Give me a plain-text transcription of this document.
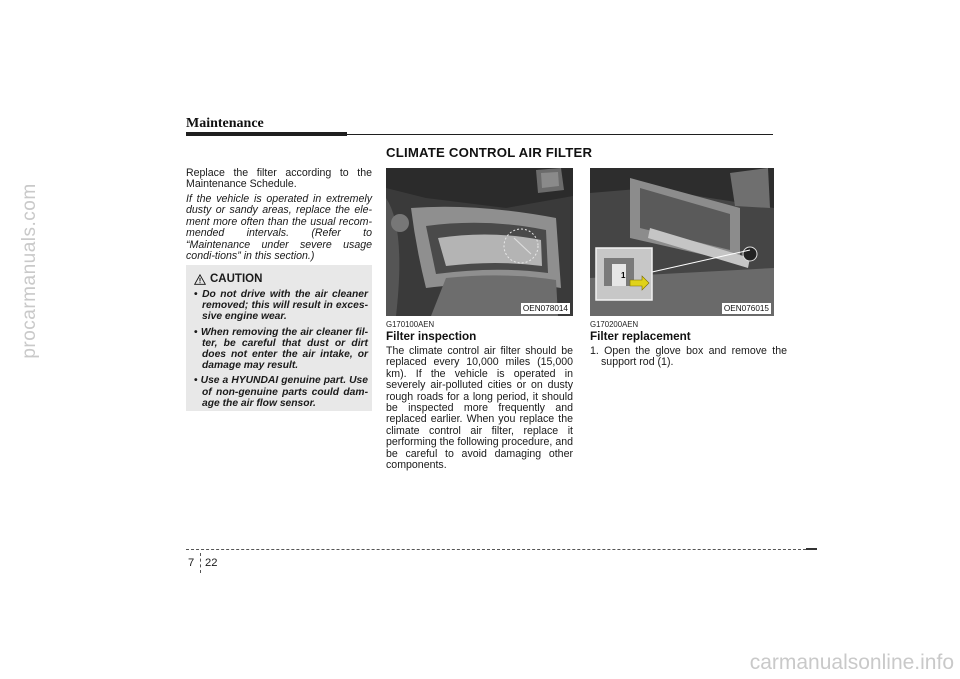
procarmanuals.com
carmanualsonline.info
Maintenance
CLIMATE CONTROL AIR FILTER
Replace the filter according to the Maintenance Schedule.
If the vehicle is operated in extremely dusty or sandy areas, replace the ele-ment more often than the usual recom-mended intervals. (Refer to “Maintenance under severe usage condi-tions” in this section.)
CAUTION
• Do not drive with the air cleaner removed; this will result in exces-sive engine wear.
• When removing the air cleaner fil-ter, be careful that dust or dirt does not enter the air intake, or damage may result.
• Use a HYUNDAI genuine part. Use of non-genuine parts could dam-age the air flow sensor.
OEN078014
1
OEN076015
G170100AEN
Filter inspection
The climate control air filter should be replaced every 10,000 miles (15,000 km). If the vehicle is operated in severely air-polluted cities or on dusty rough roads for a long period, it should be inspected more frequently and replaced earlier. When you replace the climate control air filter, replace it performing the following procedure, and be careful to avoid damaging other components.
G170200AEN
Filter replacement
1. Open the glove box and remove the support rod (1).
7 22
